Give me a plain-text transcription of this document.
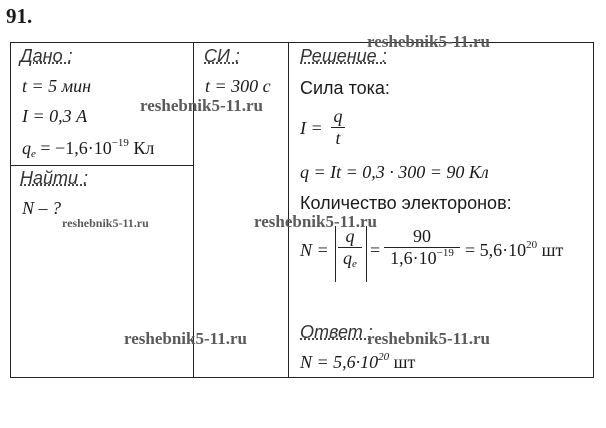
91.
Дано :
t = 5 мин
I = 0,3 А
$q_e = -1,6\cdot 10^{-19}$ Кл
Найти :
N – ?
СИ :
t = 300 с
Решение :
Сила тока:
I =
q
t
q = It = 0,3 · 300 = 90 Кл
Количество электоронов:
N =
q
$q_e$
=
90
$1,6\cdot 10^{-19} = 5,6\cdot 10^{20}$ шт
Ответ :
$N = 5,6\cdot 10^{20}$ шт
reshebnik5-11.ru
reshebnik5-11.ru
reshebnik5-11.ru	reshebnik5-11.ru
reshebnik5-11.ru	reshebnik5-11.ru
